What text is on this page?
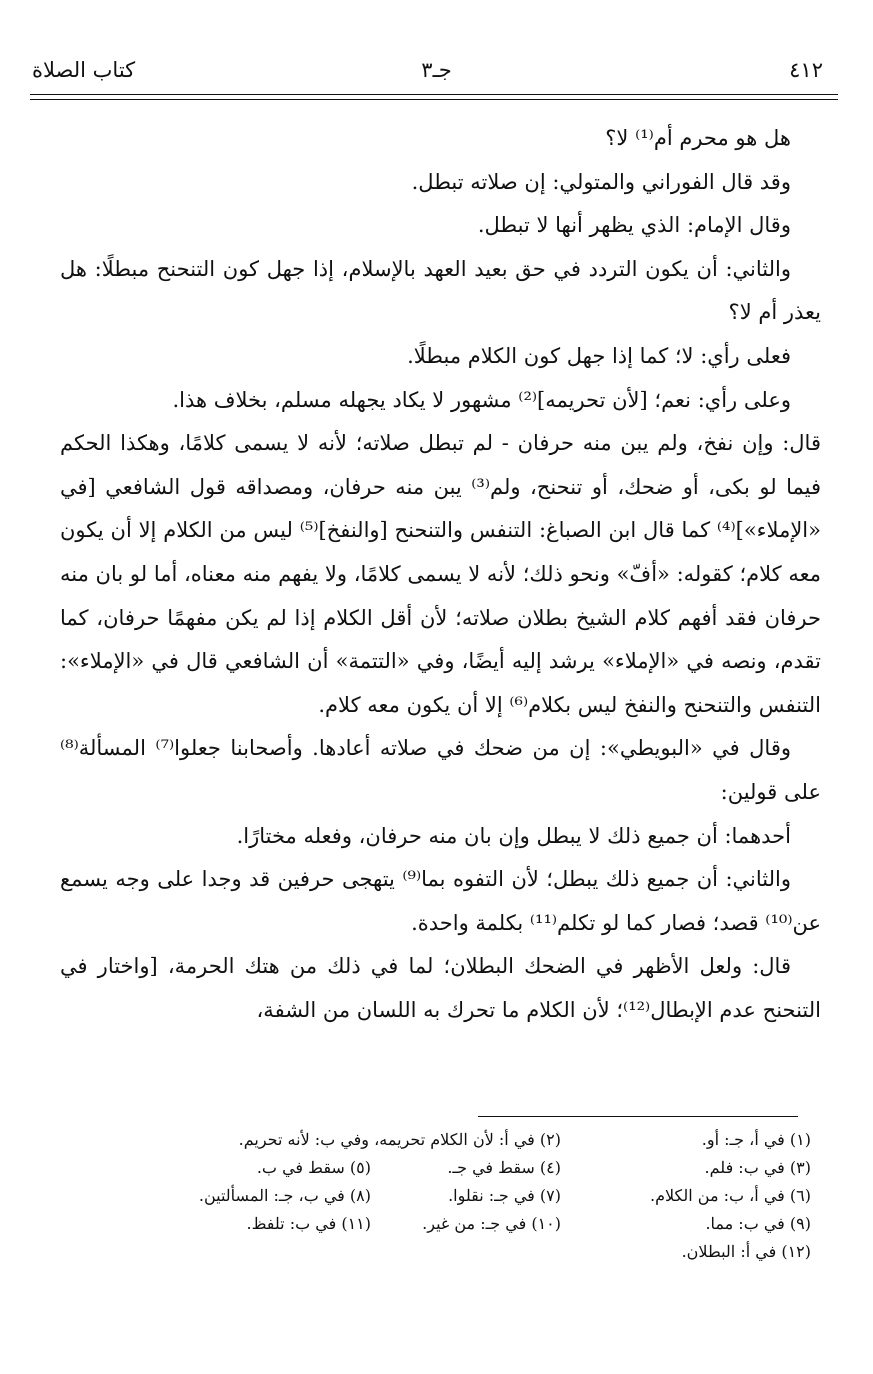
٤١٢
جـ٣
كتاب الصلاة

هل هو محرم أم⁽¹⁾ لا؟

وقد قال الفوراني والمتولي: إن صلاته تبطل.

وقال الإمام: الذي يظهر أنها لا تبطل.

والثاني: أن يكون التردد في حق بعيد العهد بالإسلام، إذا جهل كون التنحنح مبطلًا: هل يعذر أم لا؟

فعلى رأي: لا؛ كما إذا جهل كون الكلام مبطلًا.

وعلى رأي: نعم؛ [لأن تحريمه]⁽²⁾ مشهور لا يكاد يجهله مسلم، بخلاف هذا.

قال: وإن نفخ، ولم يبن منه حرفان - لم تبطل صلاته؛ لأنه لا يسمى كلامًا، وهكذا الحكم فيما لو بكى، أو ضحك، أو تنحنح، ولم⁽³⁾ يبن منه حرفان، ومصداقه قول الشافعي [في «الإملاء»]⁽⁴⁾ كما قال ابن الصباغ: التنفس والتنحنح [والنفخ]⁽⁵⁾ ليس من الكلام إلا أن يكون معه كلام؛ كقوله: «أفّ» ونحو ذلك؛ لأنه لا يسمى كلامًا، ولا يفهم منه معناه، أما لو بان منه حرفان فقد أفهم كلام الشيخ بطلان صلاته؛ لأن أقل الكلام إذا لم يكن مفهمًا حرفان، كما تقدم، ونصه في «الإملاء» يرشد إليه أيضًا، وفي «التتمة» أن الشافعي قال في «الإملاء»: التنفس والتنحنح والنفخ ليس بكلام⁽⁶⁾ إلا أن يكون معه كلام.

وقال في «البويطي»: إن من ضحك في صلاته أعادها. وأصحابنا جعلوا⁽⁷⁾ المسألة⁽⁸⁾ على قولين:

أحدهما: أن جميع ذلك لا يبطل وإن بان منه حرفان، وفعله مختارًا.

والثاني: أن جميع ذلك يبطل؛ لأن التفوه بما⁽⁹⁾ يتهجى حرفين قد وجدا على وجه يسمع عن⁽¹⁰⁾ قصد؛ فصار كما لو تكلم⁽¹¹⁾ بكلمة واحدة.

قال: ولعل الأظهر في الضحك البطلان؛ لما في ذلك من هتك الحرمة، [واختار في التنحنح عدم الإبطال⁽¹²⁾؛ لأن الكلام ما تحرك به اللسان من الشفة،

(١) في أ، جـ: أو.
(٢) في أ: لأن الكلام تحريمه، وفي ب: لأنه تحريم.
(٣) في ب: فلم.
(٤) سقط في جـ.
(٥) سقط في ب.
(٦) في أ، ب: من الكلام.
(٧) في جـ: نقلوا.
(٨) في ب، جـ: المسألتين.
(٩) في ب: مما.
(١٠) في جـ: من غير.
(١١) في ب: تلفظ.
(١٢) في أ: البطلان.
